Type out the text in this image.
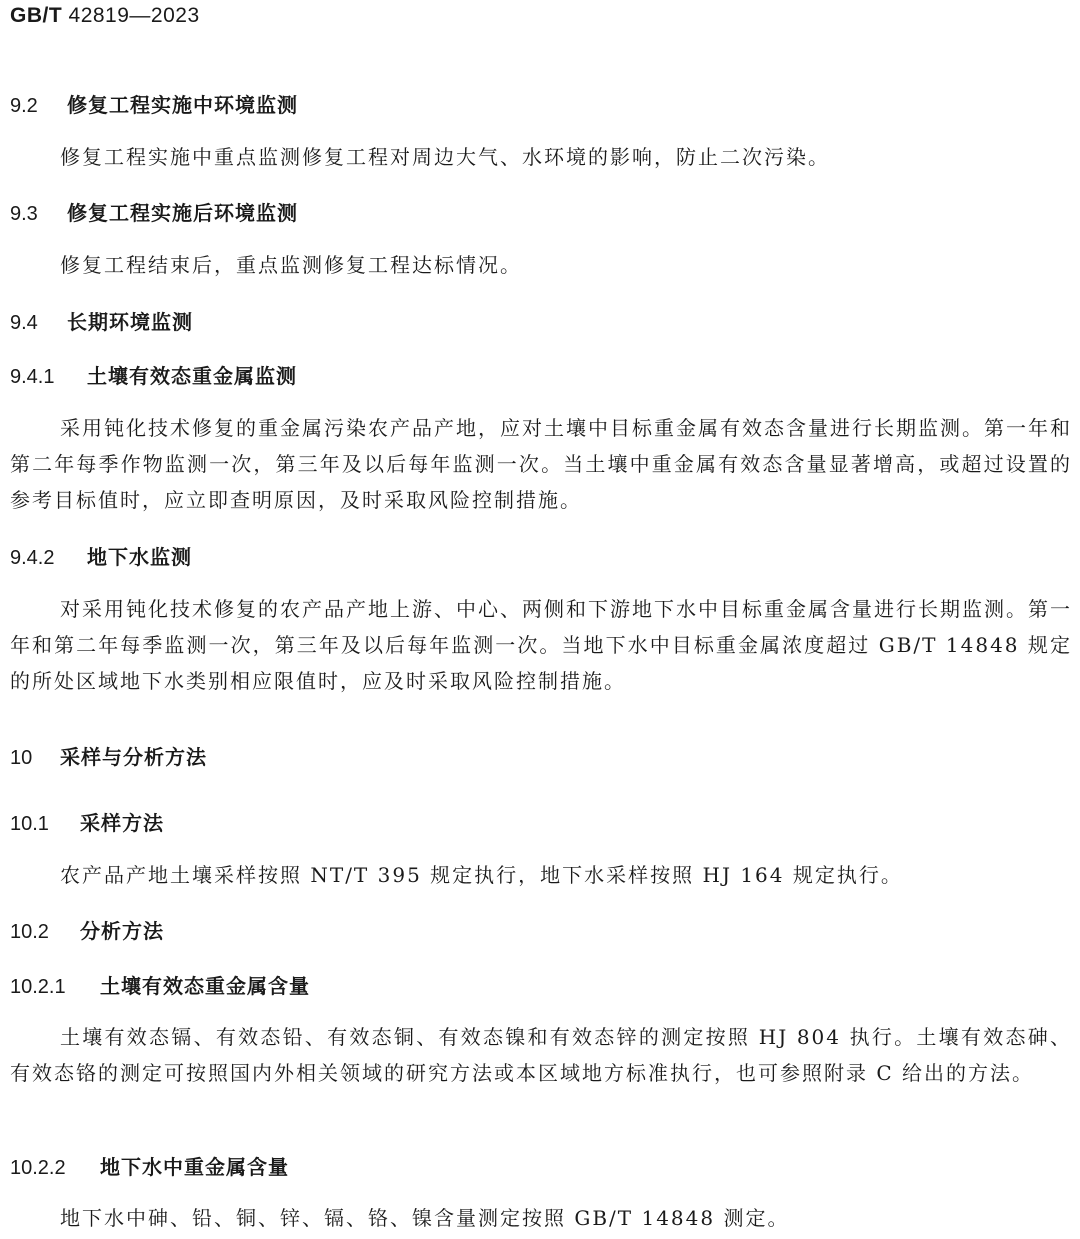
GB/T 42819—2023
9.2 修复工程实施中环境监测

修复工程实施中重点监测修复工程对周边大气、水环境的影响，防止二次污染。

9.3 修复工程实施后环境监测

修复工程结束后，重点监测修复工程达标情况。

9.4 长期环境监测
9.4.1 土壤有效态重金属监测

采用钝化技术修复的重金属污染农产品产地，应对土壤中目标重金属有效态含量进行长期监测。第一年和第二年每季作物监测一次，第三年及以后每年监测一次。当土壤中重金属有效态含量显著增高，或超过设置的参考目标值时，应立即查明原因，及时采取风险控制措施。

9.4.2 地下水监测

对采用钝化技术修复的农产品产地上游、中心、两侧和下游地下水中目标重金属含量进行长期监测。第一年和第二年每季监测一次，第三年及以后每年监测一次。当地下水中目标重金属浓度超过 GB/T 14848 规定的所处区域地下水类别相应限值时，应及时采取风险控制措施。

10 采样与分析方法
10.1 采样方法

农产品产地土壤采样按照 NT/T 395 规定执行，地下水采样按照 HJ 164 规定执行。

10.2 分析方法
10.2.1 土壤有效态重金属含量

土壤有效态镉、有效态铅、有效态铜、有效态镍和有效态锌的测定按照 HJ 804 执行。土壤有效态砷、有效态铬的测定可按照国内外相关领域的研究方法或本区域地方标准执行，也可参照附录 C 给出的方法。

10.2.2 地下水中重金属含量

地下水中砷、铅、铜、锌、镉、铬、镍含量测定按照 GB/T 14848 测定。
